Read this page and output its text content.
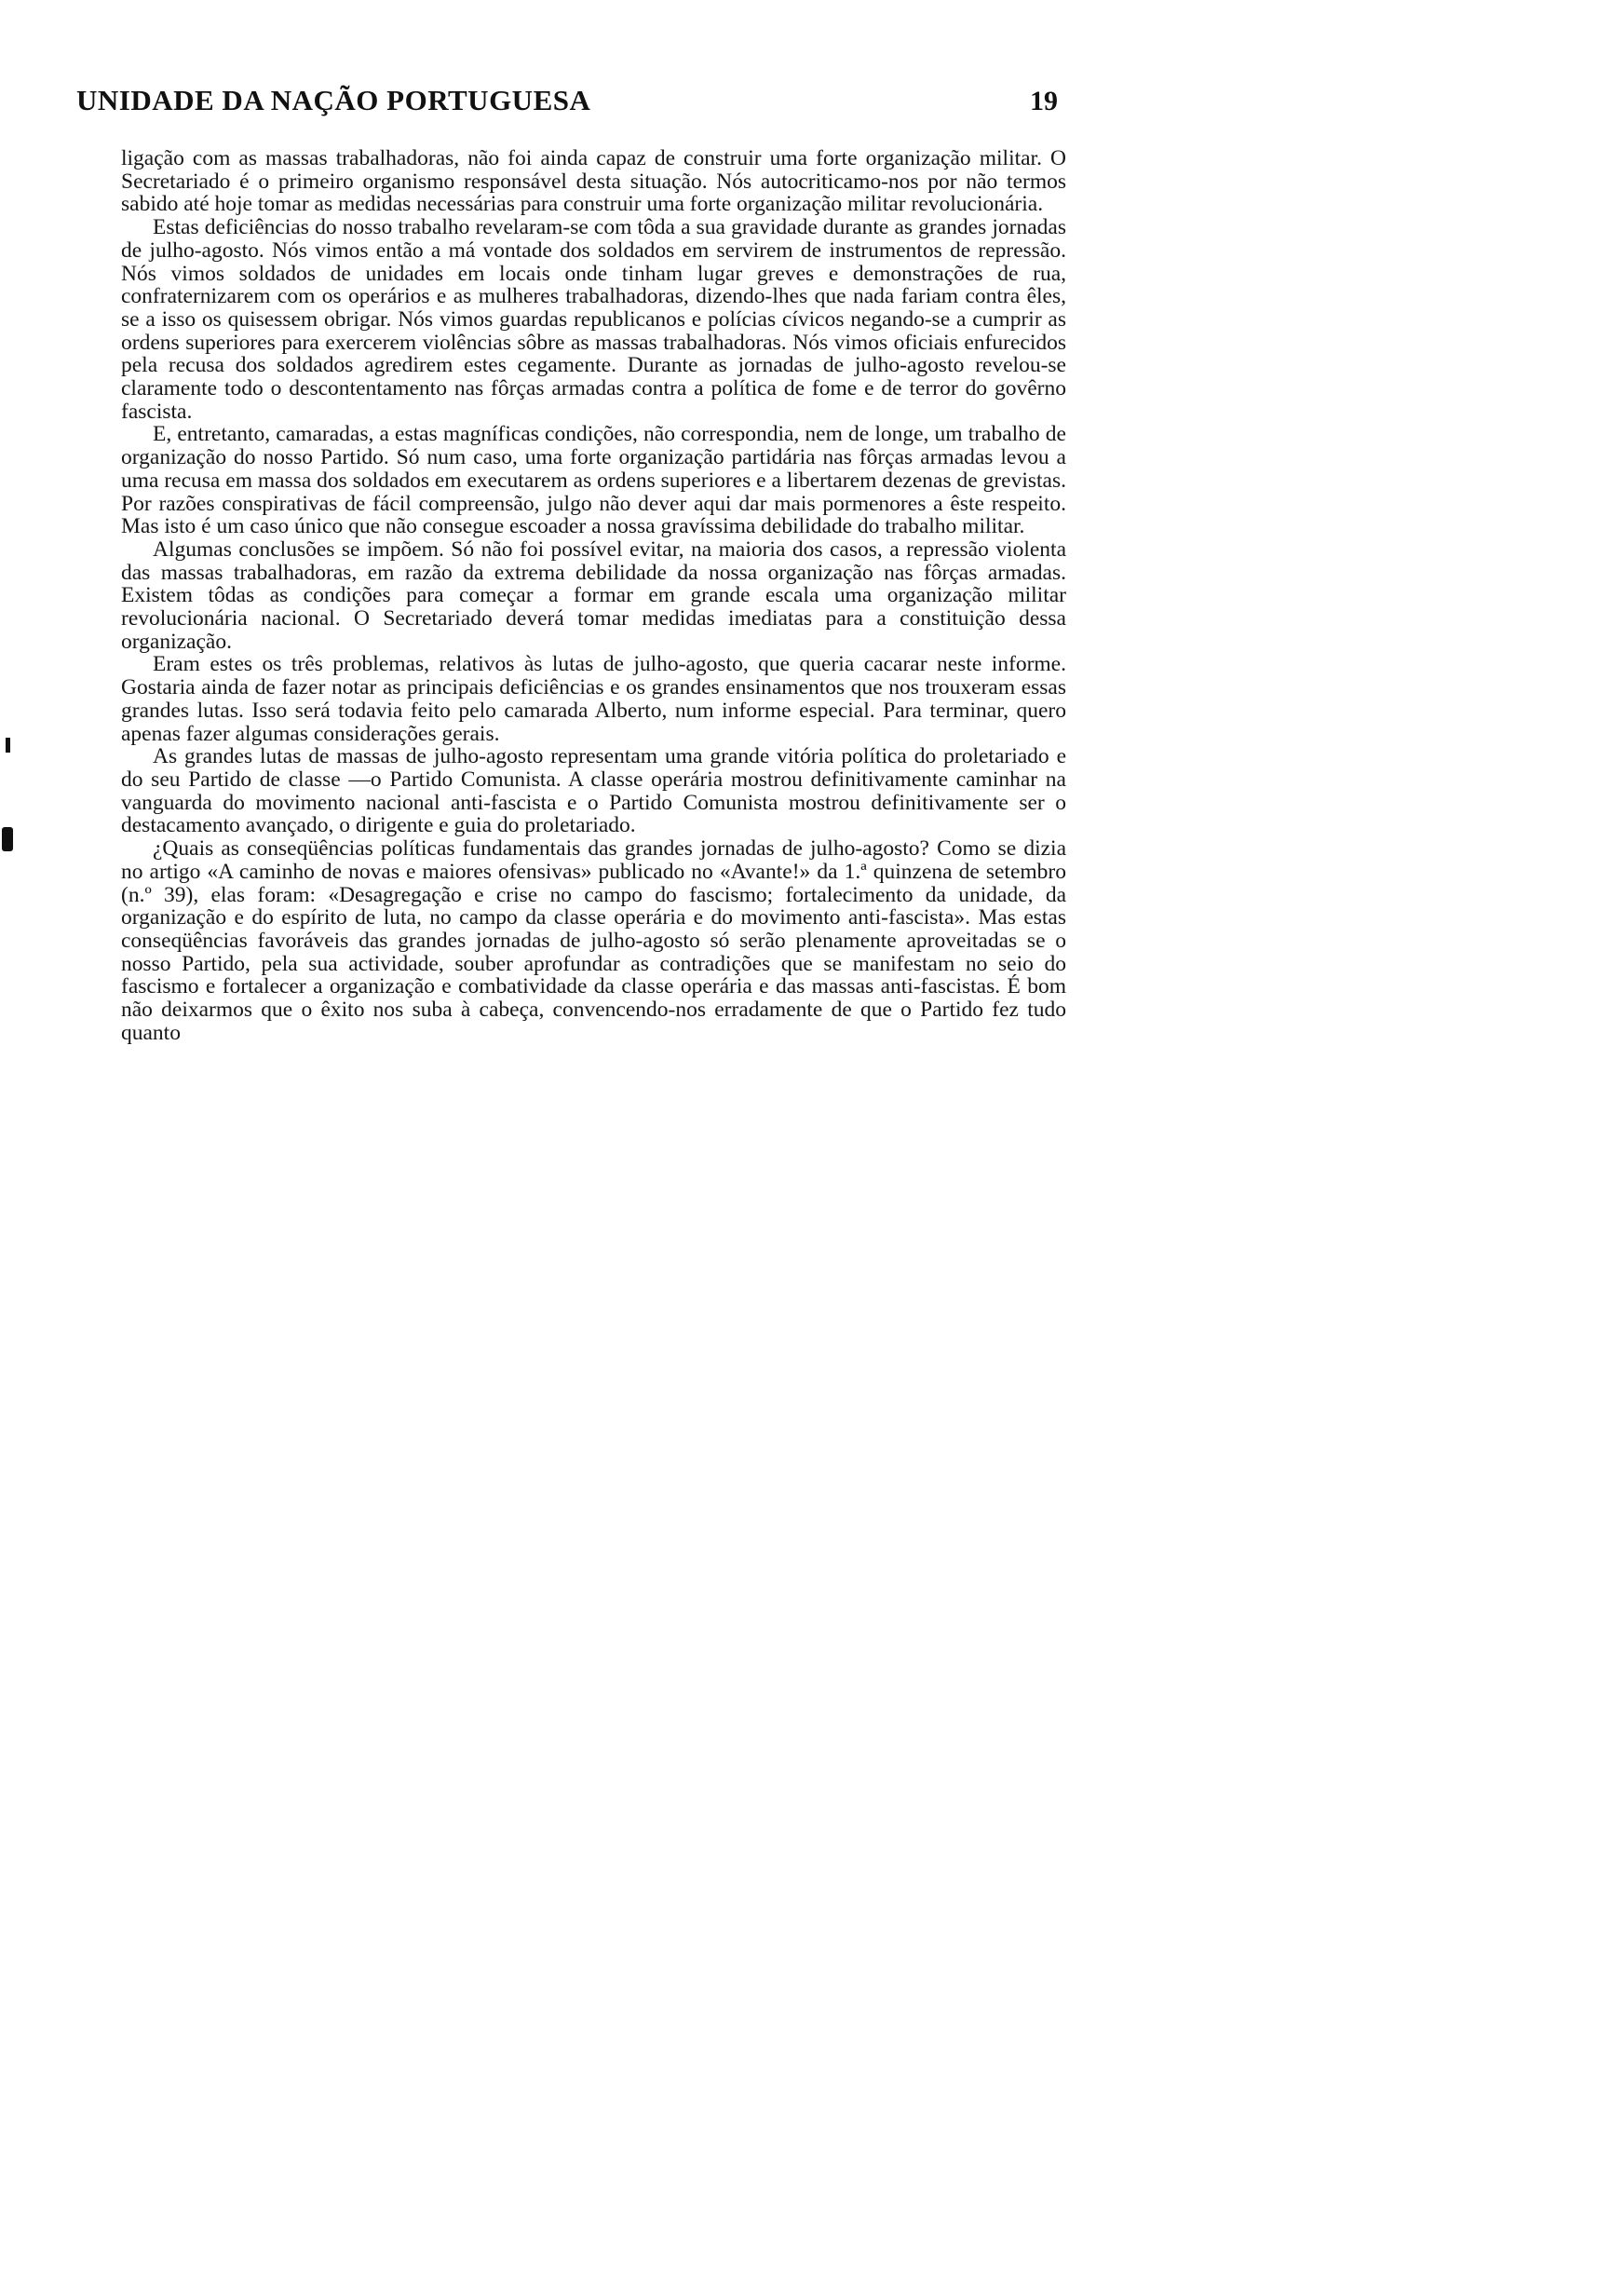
UNIDADE DA NAÇÃO PORTUGUESA	19

ligação com as massas trabalhadoras, não foi ainda capaz de construir uma forte organização militar. O Secretariado é o primeiro organismo responsável desta situação. Nós autocriticamo-nos por não termos sabido até hoje tomar as medidas necessárias para construir uma forte organização militar revolucionária.

Estas deficiências do nosso trabalho revelaram-se com tôda a sua gravidade durante as grandes jornadas de julho-agosto. Nós vimos então a má vontade dos soldados em servirem de instrumentos de repressão. Nós vimos soldados de unidades em locais onde tinham lugar greves e demonstrações de rua, confraternizarem com os operários e as mulheres trabalhadoras, dizendo-lhes que nada fariam contra êles, se a isso os quisessem obrigar. Nós vimos guardas republicanos e polícias cívicos negando-se a cumprir as ordens superiores para exercerem violências sôbre as massas trabalhadoras. Nós vimos oficiais enfurecidos pela recusa dos soldados agredirem estes cegamente. Durante as jornadas de julho-agosto revelou-se claramente todo o descontentamento nas fôrças armadas contra a política de fome e de terror do govêrno fascista.

E, entretanto, camaradas, a estas magníficas condições, não correspondia, nem de longe, um trabalho de organização do nosso Partido. Só num caso, uma forte organização partidária nas fôrças armadas levou a uma recusa em massa dos soldados em executarem as ordens superiores e a libertarem dezenas de grevistas. Por razões conspirativas de fácil compreensão, julgo não dever aqui dar mais pormenores a êste respeito. Mas isto é um caso único que não consegue escoader a nossa gravíssima debilidade do trabalho militar.

Algumas conclusões se impõem. Só não foi possível evitar, na maioria dos casos, a repressão violenta das massas trabalhadoras, em razão da extrema debilidade da nossa organização nas fôrças armadas. Existem tôdas as condições para começar a formar em grande escala uma organização militar revolucionária nacional. O Secretariado deverá tomar medidas imediatas para a constituição dessa organização.

Eram estes os três problemas, relativos às lutas de julho-agosto, que queria cacarar neste informe. Gostaria ainda de fazer notar as principais deficiências e os grandes ensinamentos que nos trouxeram essas grandes lutas. Isso será todavia feito pelo camarada Alberto, num informe especial. Para terminar, quero apenas fazer algumas considerações gerais.

As grandes lutas de massas de julho-agosto representam uma grande vitória política do proletariado e do seu Partido de classe —o Partido Comunista. A classe operária mostrou definitivamente caminhar na vanguarda do movimento nacional anti-fascista e o Partido Comunista mostrou definitivamente ser o destacamento avançado, o dirigente e guia do proletariado.

¿Quais as conseqüências políticas fundamentais das grandes jornadas de julho-agosto? Como se dizia no artigo «A caminho de novas e maiores ofensivas» publicado no «Avante!» da 1.ª quinzena de setembro (n.º 39), elas foram: «Desagregação e crise no campo do fascismo; fortalecimento da unidade, da organização e do espírito de luta, no campo da classe operária e do movimento anti-fascista». Mas estas conseqüências favoráveis das grandes jornadas de julho-agosto só serão plenamente aproveitadas se o nosso Partido, pela sua actividade, souber aprofundar as contradições que se manifestam no seio do fascismo e fortalecer a organização e combatividade da classe operária e das massas anti-fascistas. É bom não deixarmos que o êxito nos suba à cabeça, convencendo-nos erradamente de que o Partido fez tudo quanto
